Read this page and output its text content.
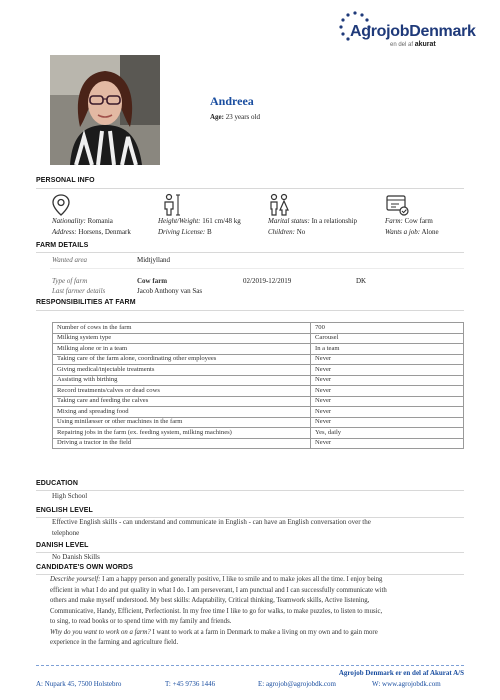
AgrojobDenmark
en del af akurat
Andreea
Age: 23 years old
PERSONAL INFO
Nationality: Romania
Address: Horsens, Denmark
Height/Weight: 161 cm/48 kg
Driving License: B
Marital status: In a relationship
Children: No
Farm: Cow farm
Wants a job: Alone
FARM DETAILS
Wanted area	Midtjylland
Type of farm	Cow farm	02/2019-12/2019	DK
Last farmer details	Jacob Anthony van Sas
RESPONSIBILITIES AT FARM
Number of cows in the farm	700
Milking system type	Carousel
Milking alone or in a team	In a team
Taking care of the farm alone, coordinating other employees	Never
Giving medical/injectable treatments	Never
Assisting with birthing	Never
Record treatments/calves or dead cows	Never
Taking care and feeding the calves	Never
Mixing and spreading food	Never
Using minilæsser or other machines in the farm	Never
Repairing jobs in the farm (ex. feeding system, milking machines)	Yes, daily
Driving a tractor in the field	Never
EDUCATION
High School
ENGLISH LEVEL
Effective English skills - can understand and communicate in English - can have an English conversation over the
telephone
DANISH LEVEL
No Danish Skills
CANDIDATE'S OWN WORDS
Describe yourself: I am a happy person and generally positive, I like to smile and to make jokes all the time. I enjoy being
efficient in what I do and put quality in what I do. I am perseverant, I am punctual and I can successfully communicate with
others and make myself understood. My best skills: Adaptability, Critical thinking, Teamwork skills, Active listening,
Communicative, Handy, Efficient, Perfectionist. In my free time I like to go for walks, to make puzzles, to listen to music,
to sing, to read books or to spend time with my family and friends.
Why do you want to work on a farm? I want to work at a farm in Denmark to make a living on my own and to gain more
experience in the farming and agriculture field.
Agrojob Denmark er en del af Akurat A/S
A: Nupark 45, 7500 Holstebro	T: +45 9736 1446	E: agrojob@agrojobdk.com	W: www.agrojobdk.com
